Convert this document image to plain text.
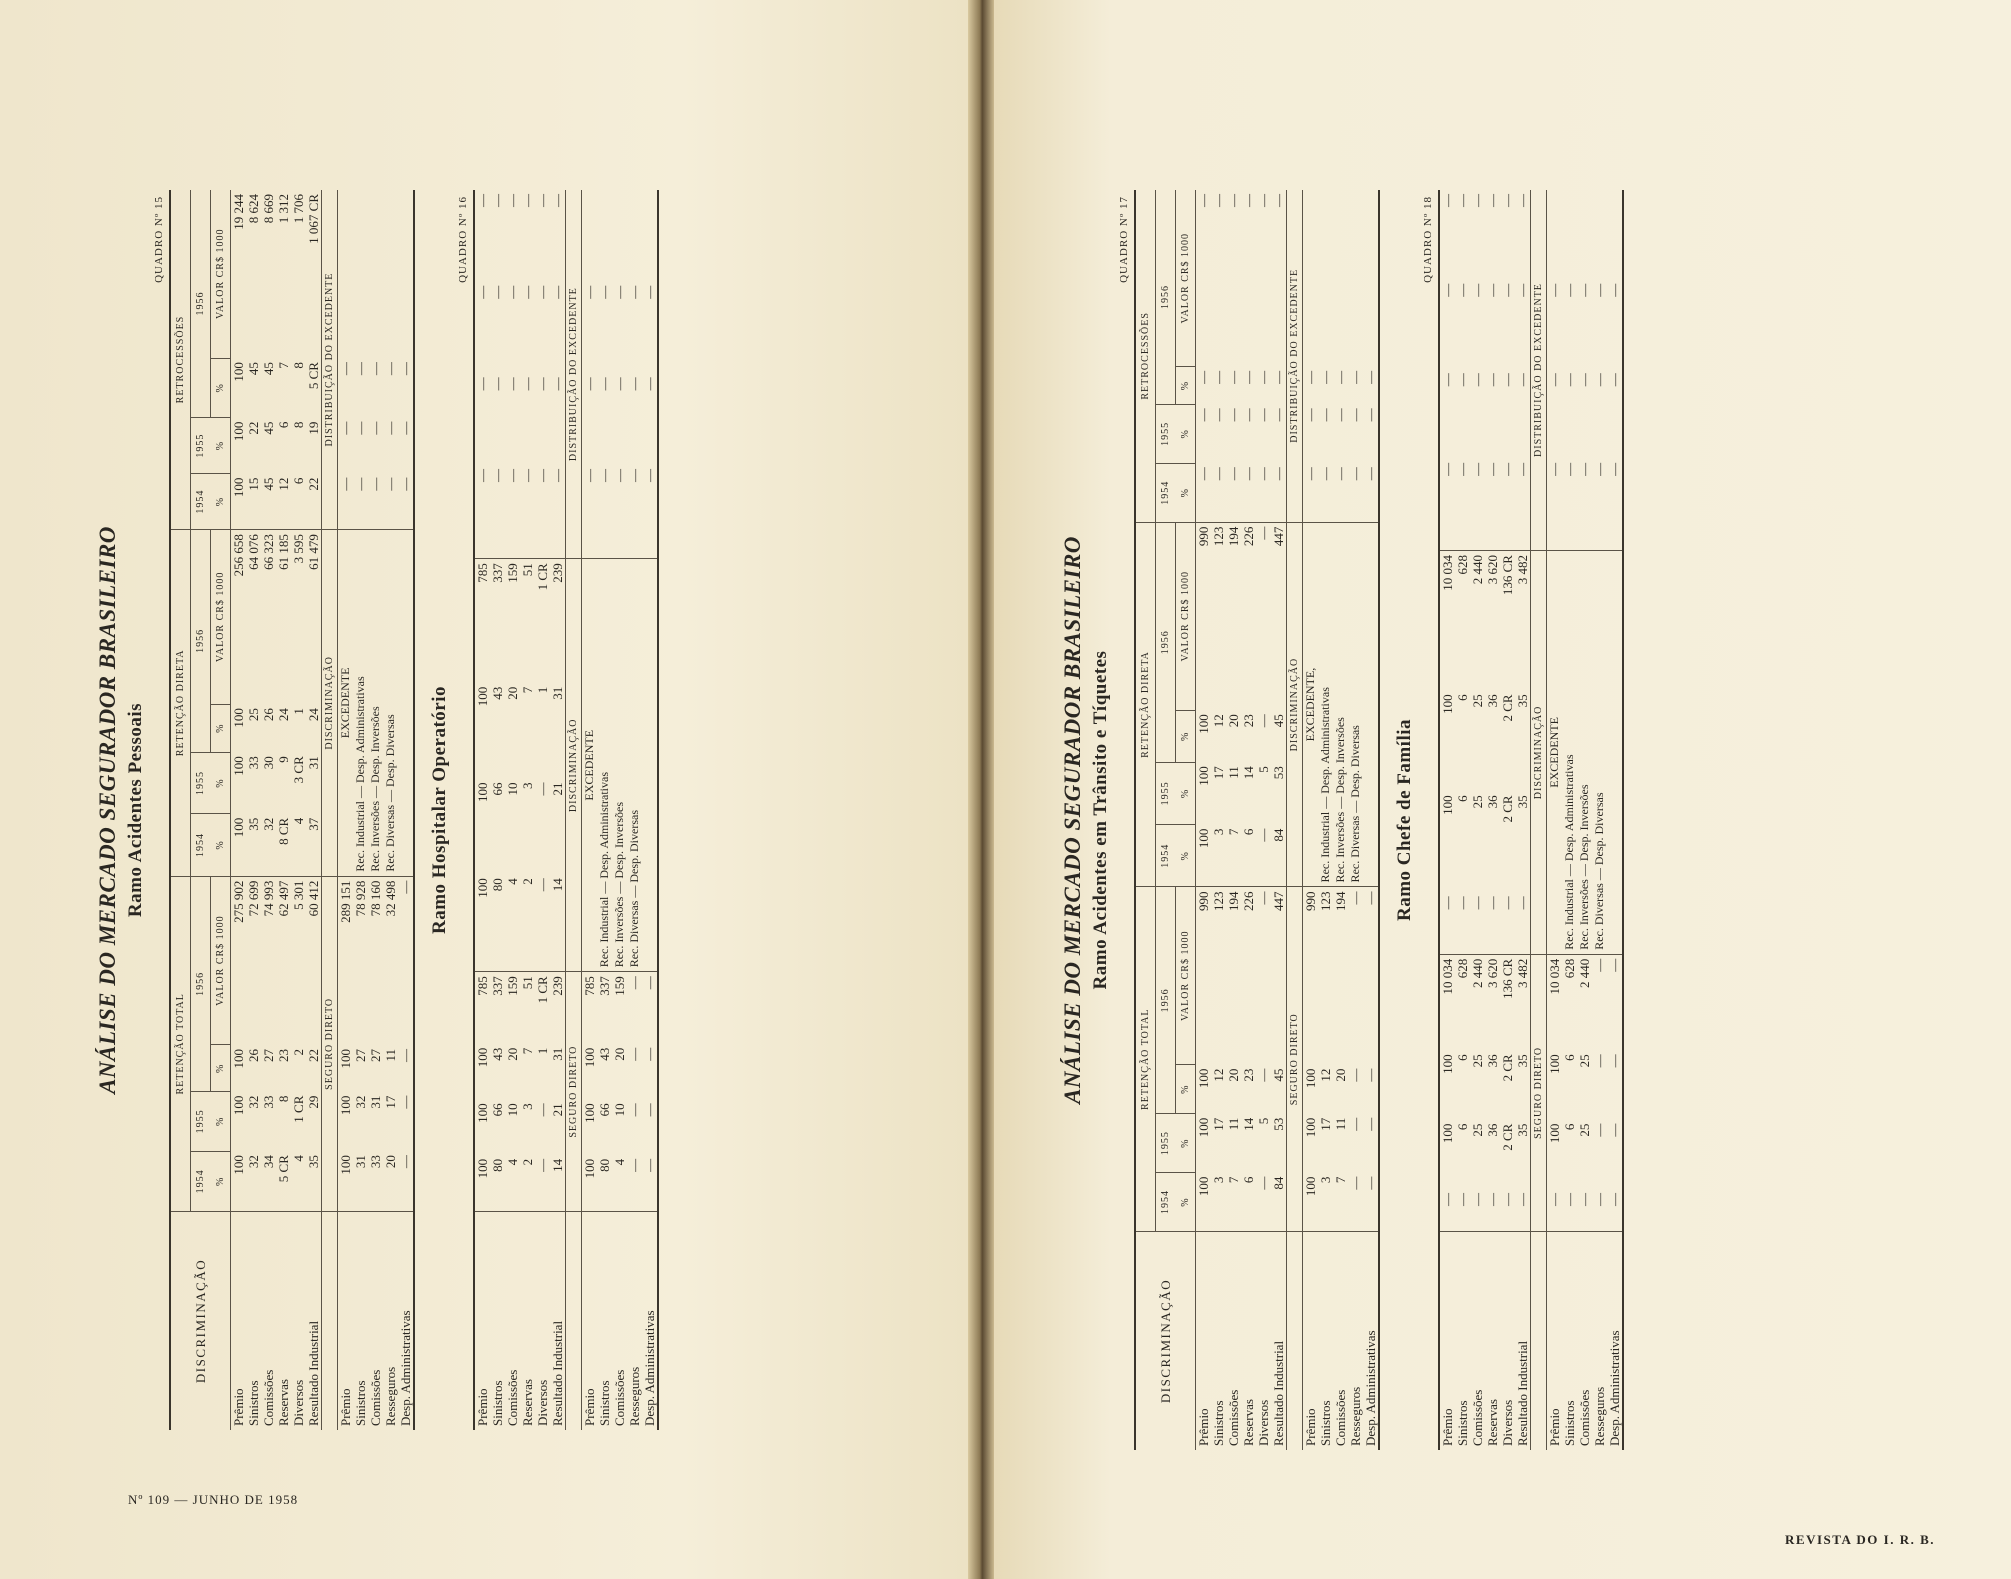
ANÁLISE DO MERCADO SEGURADOR BRASILEIRO Ramo Acidentes Pessoais
QUADRO Nº 15
DISCRIMINAÇÃO	RETENÇÃO TOTAL				RETENÇÃO DIRETA				RETROCESSÕES			
	1954	1955	1956		1954	1955	1956		1954	1955	1956	
	%	%	%	VALOR CR$ 1000	%	%	%	VALOR CR$ 1000	%	%	%	VALOR CR$ 1000
Prêmio	100	100	100	275 902	100	100	100	256 658	100	100	100	19 244
Sinistros	32	32	26	72 699	35	33	25	64 076	15	22	45	8 624
Comissões	34	33	27	74 993	32	30	26	66 323	45	45	45	8 669
Reservas	5 CR	8	23	62 497	8 CR	9	24	61 185	12	6	7	1 312
Diversos	4	1 CR	2	5 301	4	3 CR	1	3 595	6	8	8	1 706
Resultado Industrial	35	29	22	60 412	37	31	24	61 479	22	19	5 CR	1 067 CR
	SEGURO DIRETO				DISCRIMINAÇÃO				DISTRIBUIÇÃO DO EXCEDENTE			
Prêmio	100	100	100	289 151	EXCEDENTE				—	—	—	
Sinistros	31	32	27	78 928	Rec. Industrial — Desp. Administrativas				—	—	—	
Comissões	33	31	27	78 160	Rec. Inversões — Desp. Inversões				—	—	—	
Resseguros	20	17	11	32 498	Rec. Diversas — Desp. Diversas				—	—	—	
Desp. Administrativas	—	—	—	—					—	—	—	
Ramo Hospitalar Operatório
QUADRO Nº 16
Prêmio	100	100	100	785	100	100	100	785	—	—	—	—
Sinistros	80	66	43	337	80	66	43	337	—	—	—	—
Comissões	4	10	20	159	4	10	20	159	—	—	—	—
Reservas	2	3	7	51	2	3	7	51	—	—	—	—
Diversos	—	—	1	1 CR	—	—	1	1 CR	—	—	—	—
Resultado Industrial	14	21	31	239	14	21	31	239	—	—	—	—
	SEGURO DIRETO				DISCRIMINAÇÃO				DISTRIBUIÇÃO DO EXCEDENTE			
Prêmio	100	100	100	785	EXCEDENTE				—	—	—	
Sinistros	80	66	43	337	Rec. Industrial — Desp. Administrativas				—	—	—	
Comissões	4	10	20	159	Rec. Inversões — Desp. Inversões				—	—	—	
Resseguros	—	—	—	—	Rec. Diversas — Desp. Diversas				—	—	—	
Desp. Administrativas	—	—	—	—					—	—	—	
ANÁLISE DO MERCADO SEGURADOR BRASILEIRO Ramo Acidentes em Trânsito e Tíquetes
QUADRO Nº 17
DISCRIMINAÇÃO	RETENÇÃO TOTAL				RETENÇÃO DIRETA				RETROCESSÕES			
	1954	1955	1956		1954	1955	1956		1954	1955	1956	
	%	%	%	VALOR CR$ 1000	%	%	%	VALOR CR$ 1000	%	%	%	VALOR CR$ 1000
Prêmio	100	100	100	990	100	100	100	990	—	—	—	—
Sinistros	3	17	12	123	3	17	12	123	—	—	—	—
Comissões	7	11	20	194	7	11	20	194	—	—	—	—
Reservas	6	14	23	226	6	14	23	226	—	—	—	—
Diversos	—	5	—	—	—	5	—	—	—	—	—	—
Resultado Industrial	84	53	45	447	84	53	45	447	—	—	—	—
	SEGURO DIRETO				DISCRIMINAÇÃO				DISTRIBUIÇÃO DO EXCEDENTE			
Prêmio	100	100	100	990	EXCEDENTE,				—	—	—	
Sinistros	3	17	12	123	Rec. Industrial — Desp. Administrativas				—	—	—	
Comissões	7	11	20	194	Rec. Inversões — Desp. Inversões				—	—	—	
Resseguros	—	—	—	—	Rec. Diversas — Desp. Diversas				—	—	—	
Desp. Administrativas	—	—	—	—					—	—	—	
Ramo Chefe de Família
QUADRO Nº 18
Prêmio	—	100	100	10 034	—	100	100	10 034	—	—	—	—
Sinistros	—	6	6	628	—	6	6	628	—	—	—	—
Comissões	—	25	25	2 440	—	25	25	2 440	—	—	—	—
Reservas	—	36	36	3 620	—	36	36	3 620	—	—	—	—
Diversos	—	2 CR	2 CR	136 CR	—	2 CR	2 CR	136 CR	—	—	—	—
Resultado Industrial	—	35	35	3 482	—	35	35	3 482	—	—	—	—
	SEGURO DIRETO				DISCRIMINAÇÃO				DISTRIBUIÇÃO DO EXCEDENTE			
Prêmio	—	100	100	10 034	EXCEDENTE				—	—	—	
Sinistros	—	6	6	628	Rec. Industrial — Desp. Administrativas				—	—	—	
Comissões	—	25	25	2 440	Rec. Inversões — Desp. Inversões				—	—	—	
Resseguros	—	—	—	—	Rec. Diversas — Desp. Diversas				—	—	—	
Desp. Administrativas	—	—	—	—					—	—	—	
Nº 109 — JUNHO DE 1958
REVISTA DO I. R. B.
